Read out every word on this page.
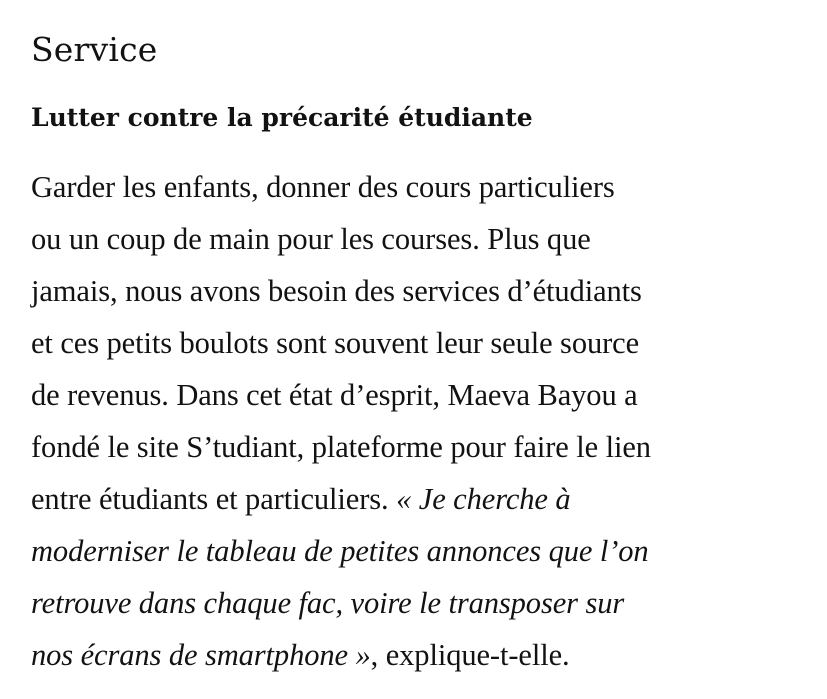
Service
Lutter contre la précarité étudiante

Garder les enfants, donner des cours particuliers
ou un coup de main pour les courses. Plus que
jamais, nous avons besoin des services d’étudiants
et ces petits boulots sont souvent leur seule source
de revenus. Dans cet état d’esprit, Maeva Bayou a
fondé le site S’tudiant, plateforme pour faire le lien
entre étudiants et particuliers. « Je cherche à
moderniser le tableau de petites annonces que l’on
retrouve dans chaque fac, voire le transposer sur
nos écrans de smartphone », explique-t-elle.
